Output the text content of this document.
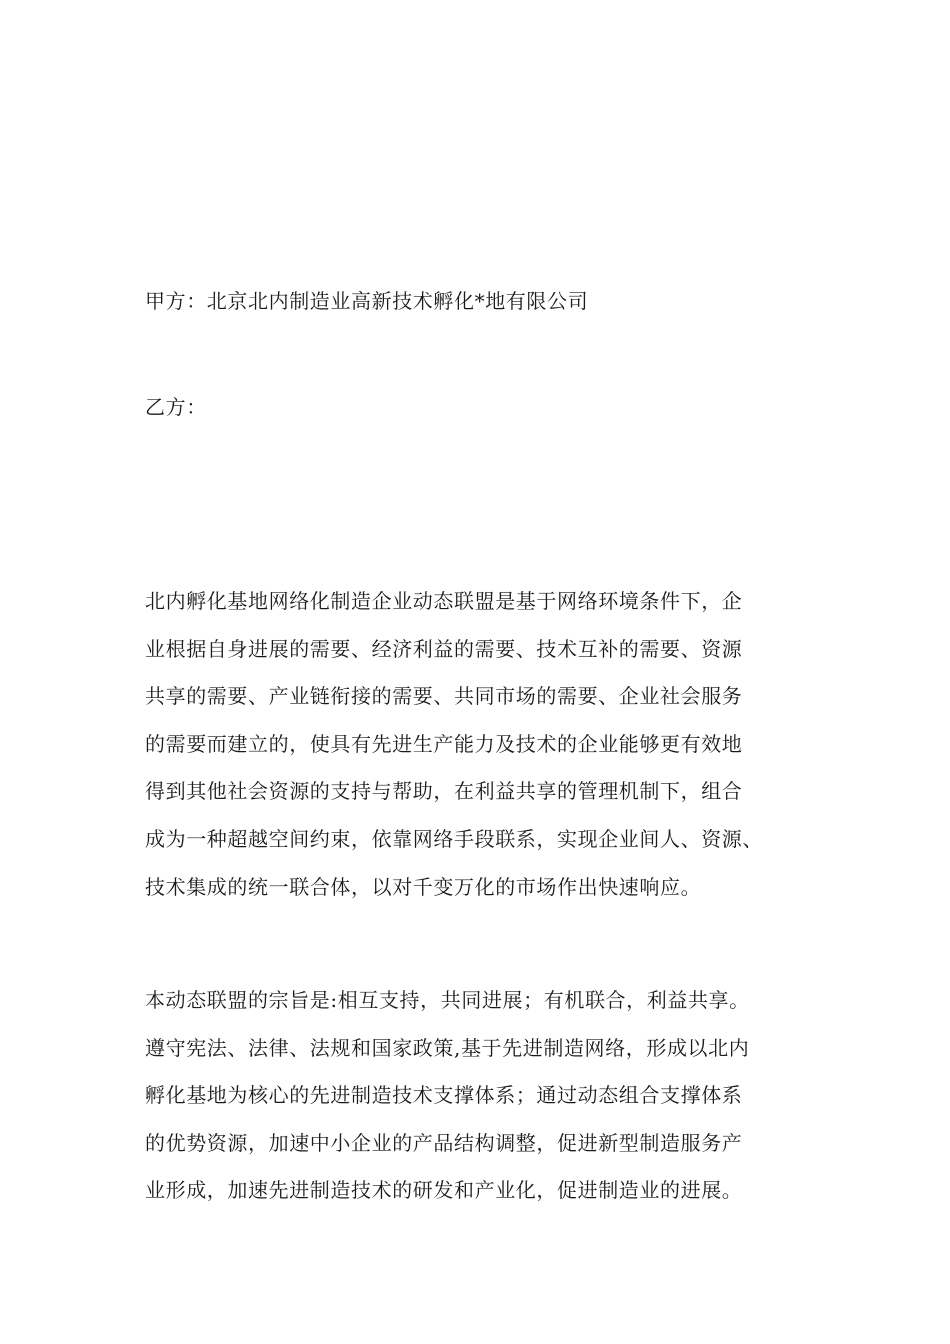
甲方：北京北内制造业高新技术孵化*地有限公司
乙方：
北内孵化基地网络化制造企业动态联盟是基于网络环境条件下，企
业根据自身进展的需要、经济利益的需要、技术互补的需要、资源
共享的需要、产业链衔接的需要、共同市场的需要、企业社会服务
的需要而建立的，使具有先进生产能力及技术的企业能够更有效地
得到其他社会资源的支持与帮助，在利益共享的管理机制下，组合
成为一种超越空间约束，依靠网络手段联系，实现企业间人、资源、
技术集成的统一联合体，以对千变万化的市场作出快速响应。
本动态联盟的宗旨是:相互支持，共同进展；有机联合，利益共享。
遵守宪法、法律、法规和国家政策,基于先进制造网络，形成以北内
孵化基地为核心的先进制造技术支撑体系；通过动态组合支撑体系
的优势资源，加速中小企业的产品结构调整，促进新型制造服务产
业形成，加速先进制造技术的研发和产业化，促进制造业的进展。
